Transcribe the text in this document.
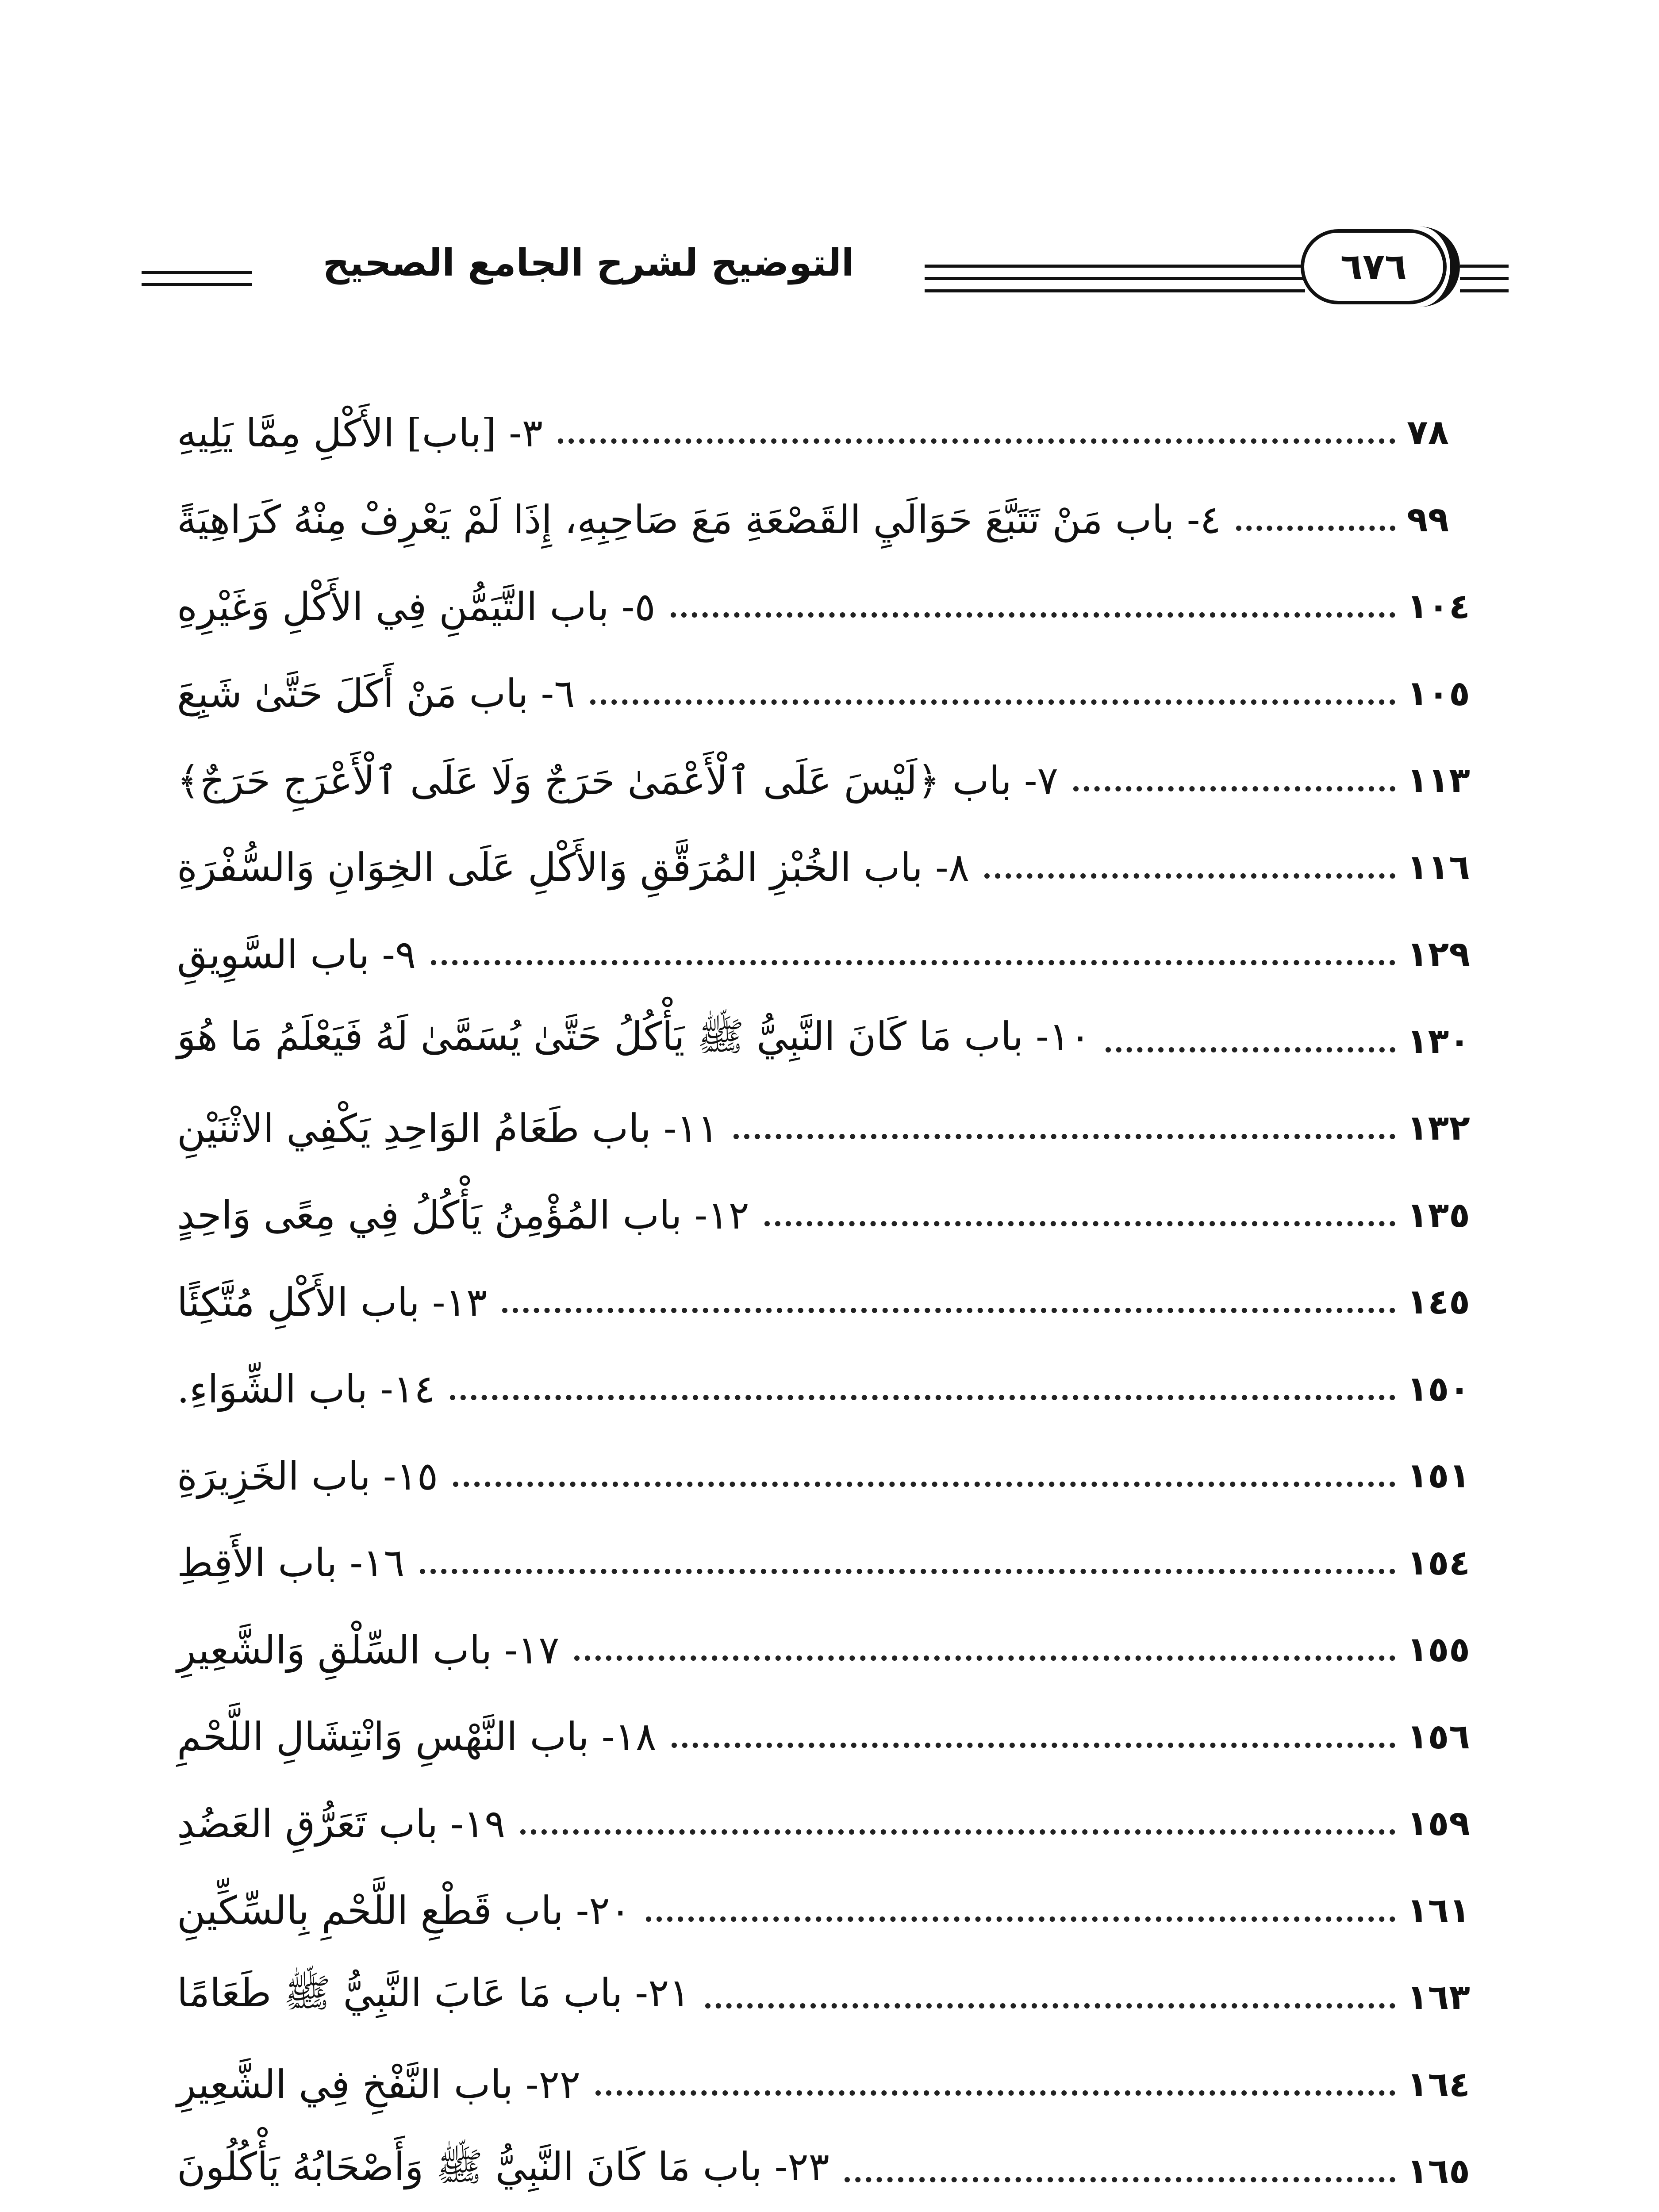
التوضيح لشرح الجامع الصحيح	٦٧٦
٣- [باب] الأَكْلِ مِمَّا يَلِيهِ	٧٨
٤- باب مَنْ تَتَبَّعَ حَوَالَيِ القَصْعَةِ مَعَ صَاحِبِهِ، إِذَا لَمْ يَعْرِفْ مِنْهُ كَرَاهِيَةً	٩٩
٥- باب التَّيَمُّنِ فِي الأَكْلِ وَغَيْرِهِ	١٠٤
٦- باب مَنْ أَكَلَ حَتَّىٰ شَبِعَ	١٠٥
٧- باب ﴿لَيْسَ عَلَى ٱلْأَعْمَىٰ حَرَجٌ وَلَا عَلَى ٱلْأَعْرَجِ حَرَجٌ﴾	١١٣
٨- باب الخُبْزِ المُرَقَّقِ وَالأَكْلِ عَلَى الخِوَانِ وَالسُّفْرَةِ	١١٦
٩- باب السَّوِيقِ	١٢٩
١٠- باب مَا كَانَ النَّبِيُّ ﷺ يَأْكُلُ حَتَّىٰ يُسَمَّىٰ لَهُ فَيَعْلَمُ مَا هُوَ	١٣٠
١١- باب طَعَامُ الوَاحِدِ يَكْفِي الاثْنَيْنِ	١٣٢
١٢- باب المُؤْمِنُ يَأْكُلُ فِي مِعًى وَاحِدٍ	١٣٥
١٣- باب الأَكْلِ مُتَّكِئًا	١٤٥
١٤- باب الشِّوَاءِ.	١٥٠
١٥- باب الخَزِيرَةِ	١٥١
١٦- باب الأَقِطِ	١٥٤
١٧- باب السِّلْقِ وَالشَّعِيرِ	١٥٥
١٨- باب النَّهْسِ وَانْتِشَالِ اللَّحْمِ	١٥٦
١٩- باب تَعَرُّقِ العَضُدِ	١٥٩
٢٠- باب قَطْعِ اللَّحْمِ بِالسِّكِّينِ	١٦١
٢١- باب مَا عَابَ النَّبِيُّ ﷺ طَعَامًا	١٦٣
٢٢- باب النَّفْخِ فِي الشَّعِيرِ	١٦٤
٢٣- باب مَا كَانَ النَّبِيُّ ﷺ وَأَصْحَابُهُ يَأْكُلُونَ	١٦٥
